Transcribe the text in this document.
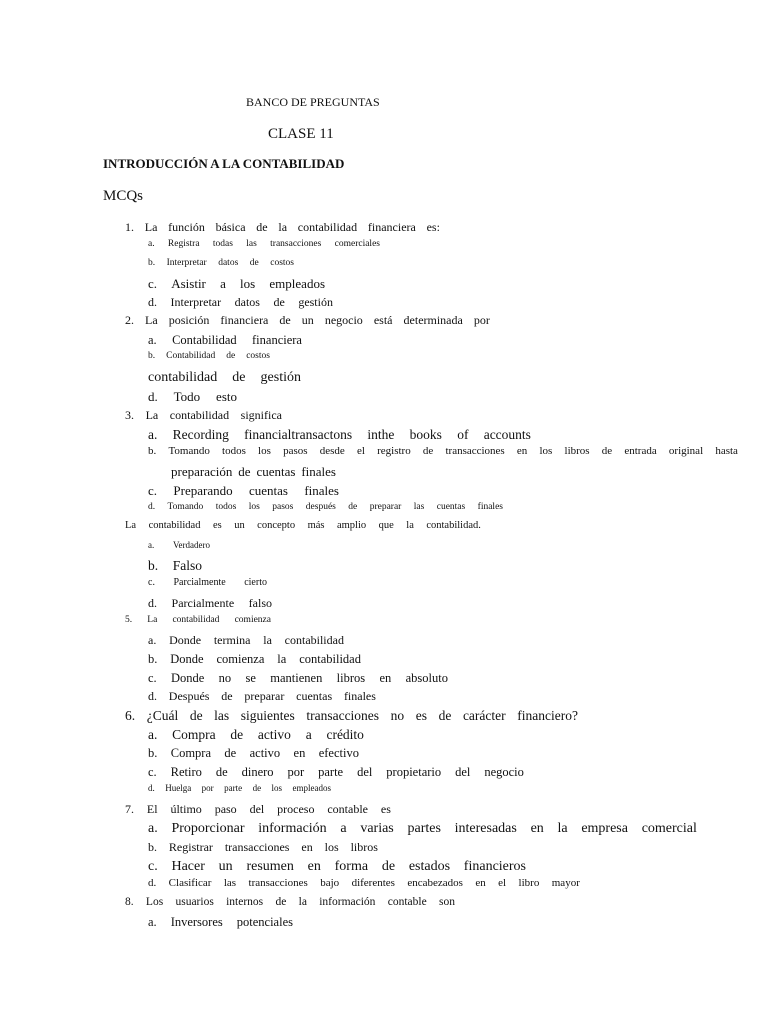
BANCO DE PREGUNTAS
CLASE 11
INTRODUCCIÓN A LA CONTABILIDAD
MCQs
1. La función básica de la contabilidad financiera es:
a. Registra todas las transacciones comerciales
b. Interpretar datos de costos
c. Asistir a los empleados
d. Interpretar datos de gestión
2. La posición financiera de un negocio está determinada por
a. Contabilidad financiera
b. Contabilidad de costos
contabilidad de gestión
d. Todo esto
3. La contabilidad significa
a. Recording financialtransactons inthe books of accounts
b. Tomando todos los pasos desde el registro de transacciones en los libros de entrada original hasta
preparación de cuentas finales
c. Preparando cuentas finales
d. Tomando todos los pasos después de preparar las cuentas finales
La contabilidad es un concepto más amplio que la contabilidad.
a. Verdadero
b. Falso
c. Parcialmente cierto
d. Parcialmente falso
5. La contabilidad comienza
a. Donde termina la contabilidad
b. Donde comienza la contabilidad
c. Donde no se mantienen libros en absoluto
d. Después de preparar cuentas finales
6. ¿Cuál de las siguientes transacciones no es de carácter financiero?
a. Compra de activo a crédito
b. Compra de activo en efectivo
c. Retiro de dinero por parte del propietario del negocio
d. Huelga por parte de los empleados
7. El último paso del proceso contable es
a. Proporcionar información a varias partes interesadas en la empresa comercial
b. Registrar transacciones en los libros
c. Hacer un resumen en forma de estados financieros
d. Clasificar las transacciones bajo diferentes encabezados en el libro mayor
8. Los usuarios internos de la información contable son
a. Inversores potenciales
